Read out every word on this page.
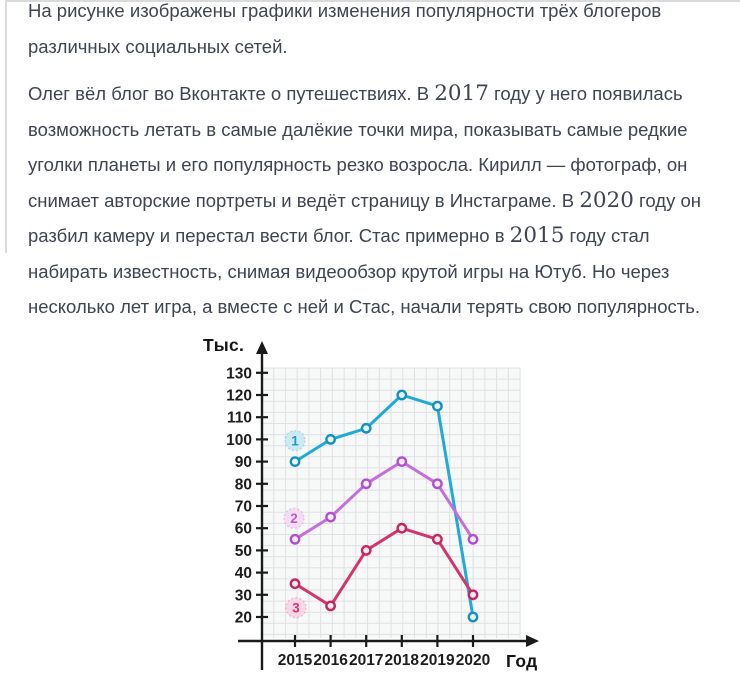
На рисунке изображены графики изменения популярности трёх блогеров различных социальных сетей.

Олег вёл блог во Вконтакте о путешествиях. В 2017 году у него появилась возможность летать в самые далёкие точки мира, показывать самые редкие уголки планеты и его популярность резко возросла. Кирилл — фотограф, он снимает авторские портреты и ведёт страницу в Инстаграме. В 2020 году он разбил камеру и перестал вести блог. Стас примерно в 2015 году стал набирать известность, снимая видеообзор крутой игры на Ютуб. Но через несколько лет игра, а вместе с ней и Стас, начали терять свою популярность.

Тыс.
130
120
110
100
90
80
70
60
50
40
30
20
2015 2016 2017 2018 2019 2020
1
2
3
Год
